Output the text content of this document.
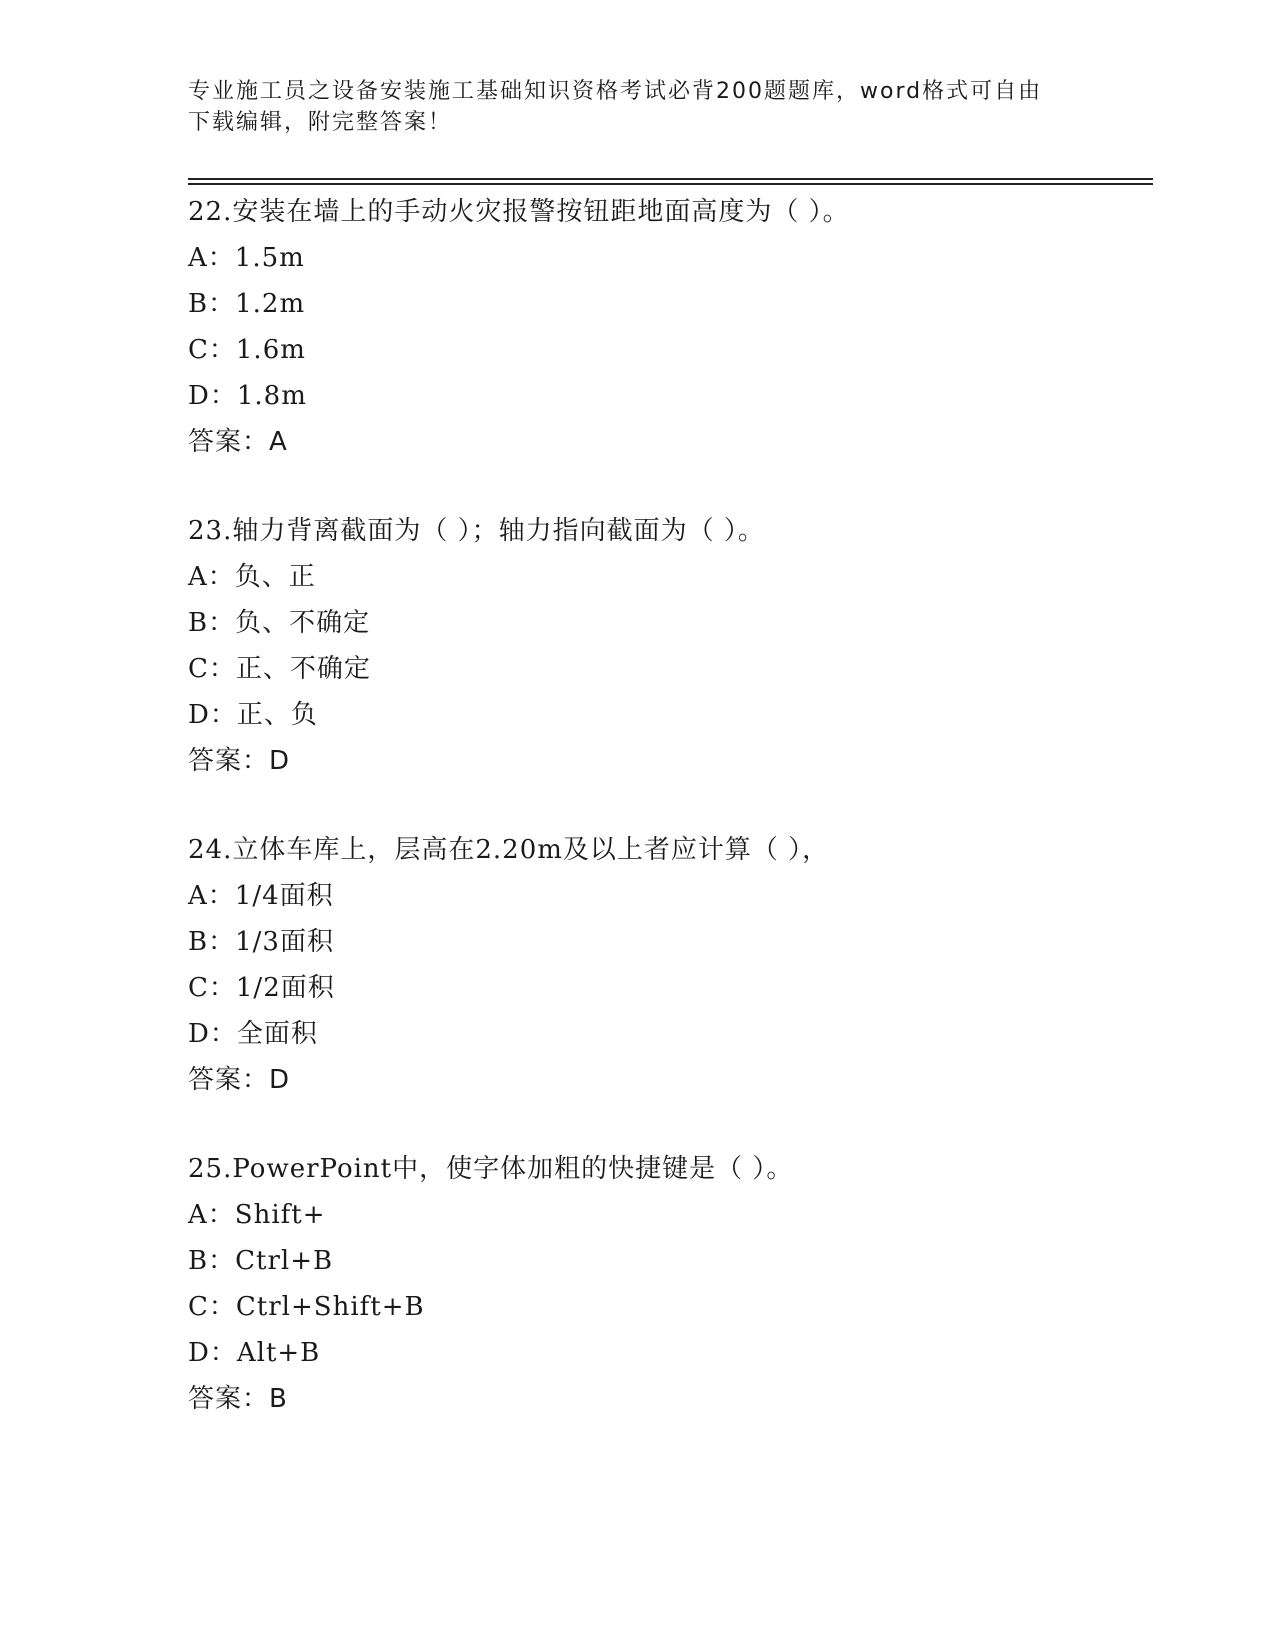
专业施工员之设备安装施工基础知识资格考试必背200题题库，word格式可自由
下载编辑，附完整答案！
22.安装在墙上的手动火灾报警按钮距地面高度为（ ）。
A：1.5m
B：1.2m
C：1.6m
D：1.8m
答案：A
23.轴力背离截面为（ ）；轴力指向截面为（ ）。
A：负、正
B：负、不确定
C：正、不确定
D：正、负
答案：D
24.立体车库上，层高在2.20m及以上者应计算（ ），
A：1/4面积
B：1/3面积
C：1/2面积
D：全面积
答案：D
25.PowerPoint中，使字体加粗的快捷键是（ ）。
A：Shift+
B：Ctrl+B
C：Ctrl+Shift+B
D：Alt+B
答案：B
